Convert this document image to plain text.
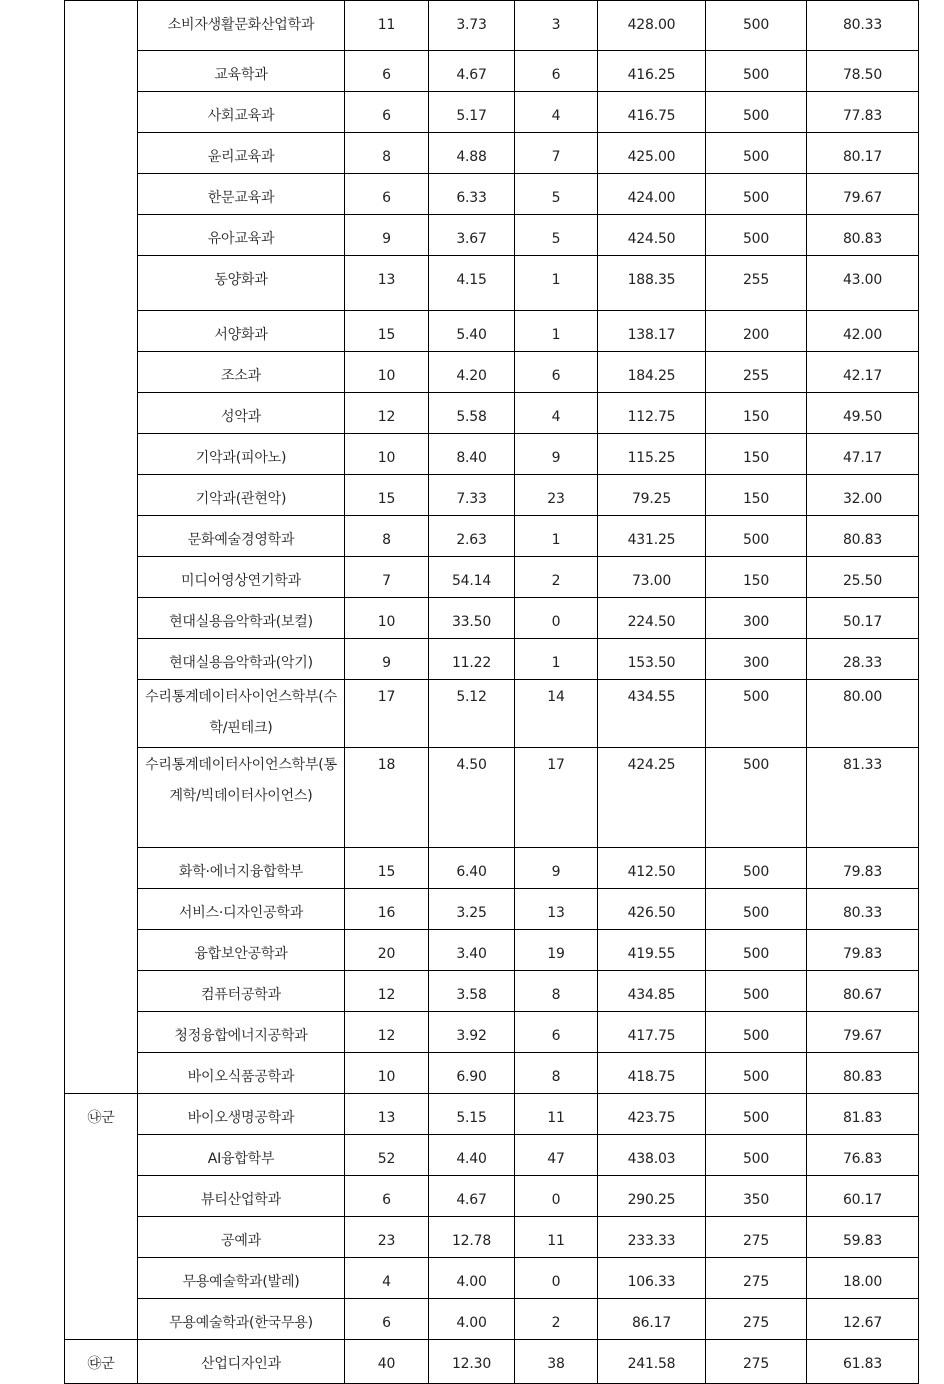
	소비자생활문화산업학과	11	3.73	3	428.00	500	80.33
	교육학과	6	4.67	6	416.25	500	78.50
	사회교육과	6	5.17	4	416.75	500	77.83
	윤리교육과	8	4.88	7	425.00	500	80.17
	한문교육과	6	6.33	5	424.00	500	79.67
	유아교육과	9	3.67	5	424.50	500	80.83
	동양화과	13	4.15	1	188.35	255	43.00
	서양화과	15	5.40	1	138.17	200	42.00
	조소과	10	4.20	6	184.25	255	42.17
	성악과	12	5.58	4	112.75	150	49.50
	기악과(피아노)	10	8.40	9	115.25	150	47.17
	기악과(관현악)	15	7.33	23	79.25	150	32.00
	문화예술경영학과	8	2.63	1	431.25	500	80.83
	미디어영상연기학과	7	54.14	2	73.00	150	25.50
	현대실용음악학과(보컬)	10	33.50	0	224.50	300	50.17
	현대실용음악학과(악기)	9	11.22	1	153.50	300	28.33
	수리통계데이터사이언스학부(수학/핀테크)	17	5.12	14	434.55	500	80.00
	수리통계데이터사이언스학부(통계학/빅데이터사이언스)	18	4.50	17	424.25	500	81.33
	화학·에너지융합학부	15	6.40	9	412.50	500	79.83
	서비스·디자인공학과	16	3.25	13	426.50	500	80.33
	융합보안공학과	20	3.40	19	419.55	500	79.83
	컴퓨터공학과	12	3.58	8	434.85	500	80.67
	청정융합에너지공학과	12	3.92	6	417.75	500	79.67
	바이오식품공학과	10	6.90	8	418.75	500	80.83
㉯군	바이오생명공학과	13	5.15	11	423.75	500	81.83
	AI융합학부	52	4.40	47	438.03	500	76.83
	뷰티산업학과	6	4.67	0	290.25	350	60.17
	공예과	23	12.78	11	233.33	275	59.83
	무용예술학과(발레)	4	4.00	0	106.33	275	18.00
	무용예술학과(한국무용)	6	4.00	2	86.17	275	12.67
㉰군	산업디자인과	40	12.30	38	241.58	275	61.83
